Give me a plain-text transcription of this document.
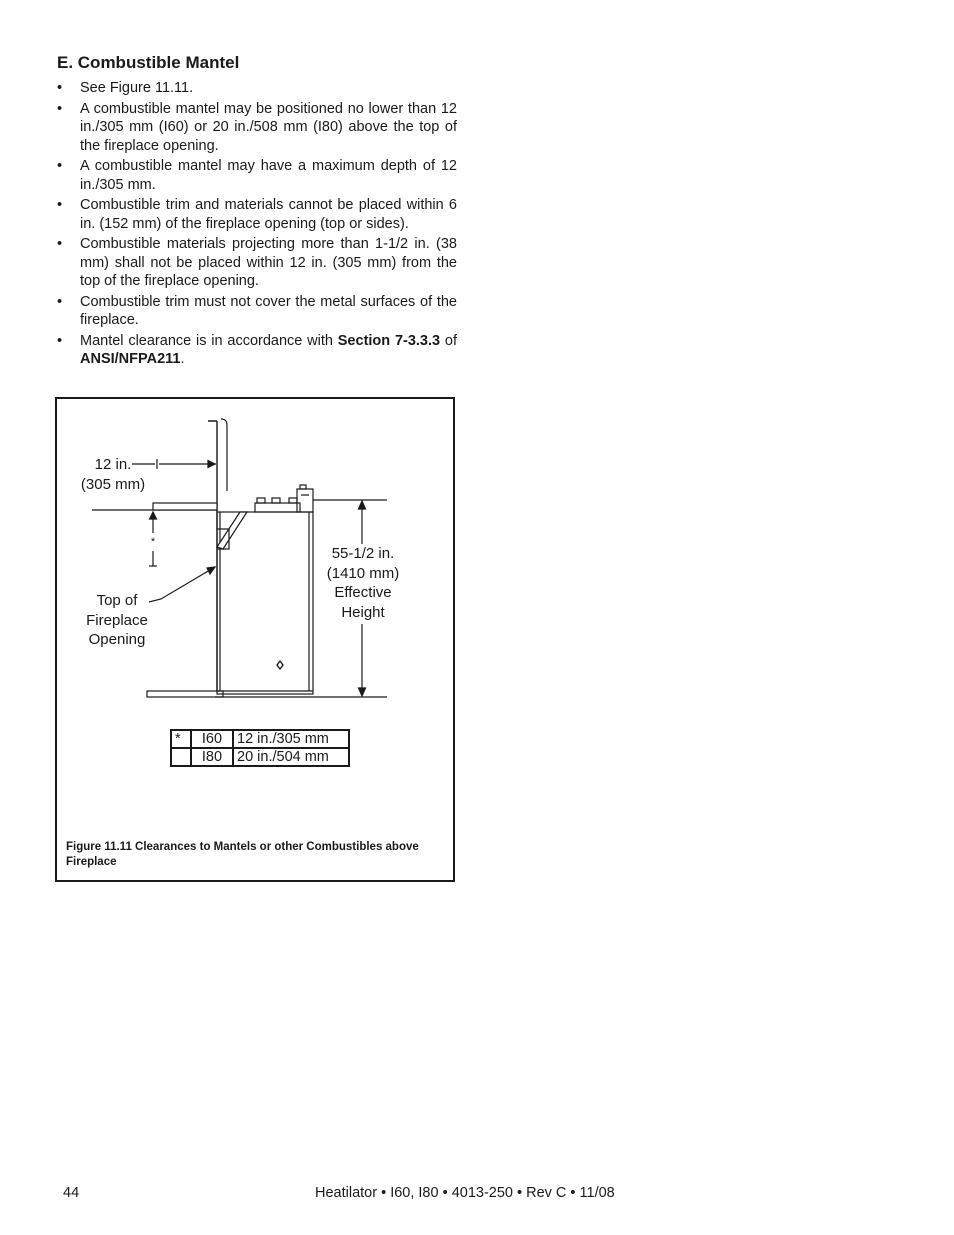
E. Combustible Mantel
• See Figure 11.11.
• A combustible mantel may be positioned no lower than 12 in./305 mm (I60) or 20 in./508 mm (I80) above the top of the fireplace opening.
• A combustible mantel may have a maximum depth of 12 in./305 mm.
• Combustible trim and materials cannot be placed within 6 in. (152 mm) of the fireplace opening (top or sides).
• Combustible materials projecting more than 1-1/2 in. (38 mm) shall not be placed within 12 in. (305 mm) from the top of the fireplace opening.
• Combustible trim must not cover the metal surfaces of the fireplace.
• Mantel clearance is in accordance with Section 7-3.3.3 of ANSI/NFPA211.
12 in.
(305 mm)
*
Top of
Fireplace
Opening
55-1/2 in.
(1410 mm)
Effective
Height
*	I60	12 in./305 mm
	I80	20 in./504 mm
Figure 11.11 Clearances to Mantels or other Combustibles above Fireplace
44	Heatilator • I60, I80 • 4013-250 • Rev C • 11/08
